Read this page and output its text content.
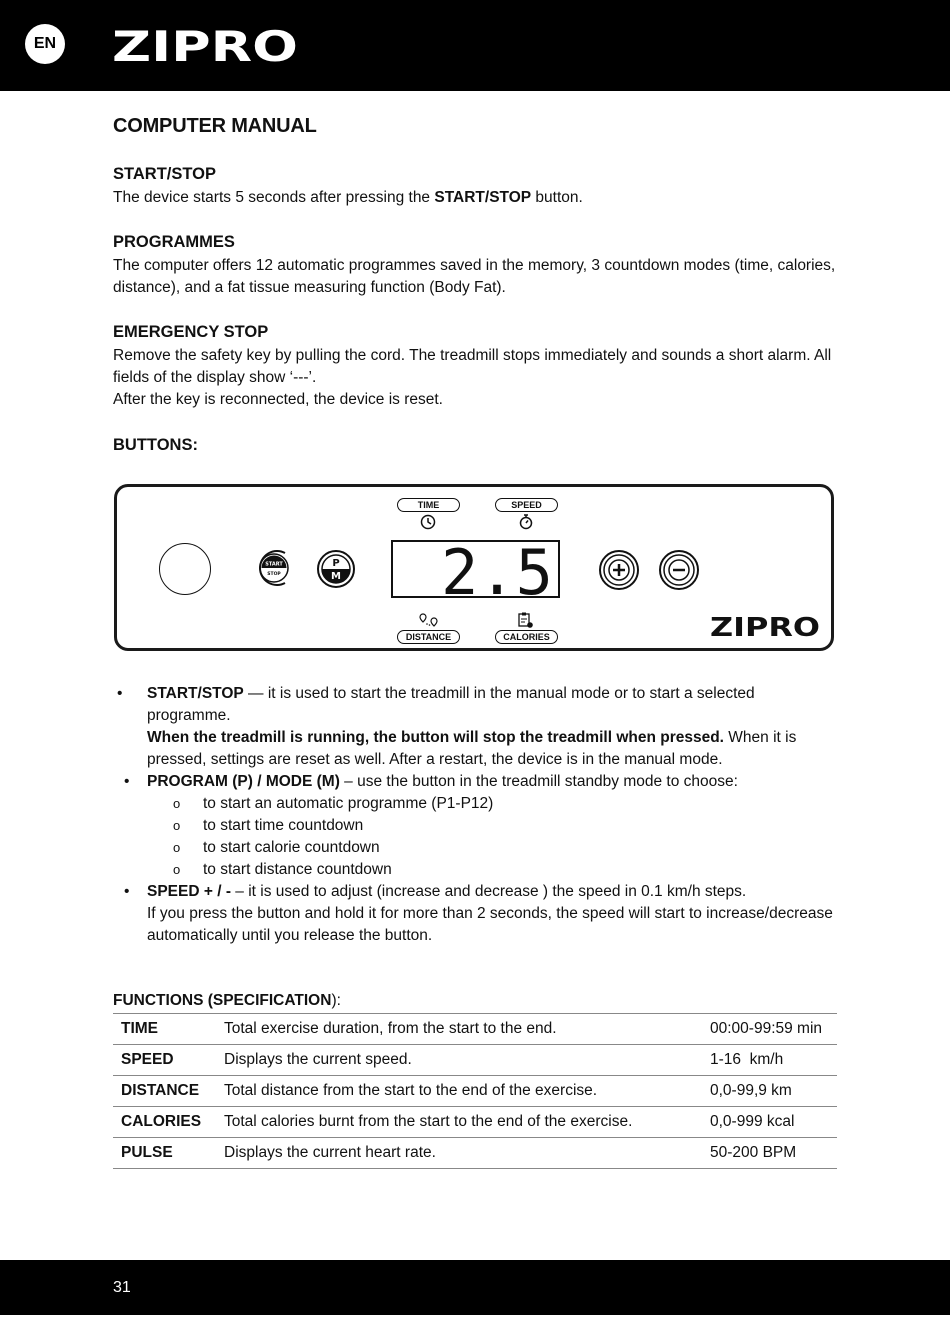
EN ZIPRO
COMPUTER MANUAL
START/STOP

The device starts 5 seconds after pressing the START/STOP button.

PROGRAMMES

The computer offers 12 automatic programmes saved in the memory, 3 countdown modes (time, calories, distance), and a fat tissue measuring function (Body Fat).

EMERGENCY STOP

Remove the safety key by pulling the cord. The treadmill stops immediately and sounds a short alarm. All fields of the display show ‘---’.

After the key is reconnected, the device is reset.

BUTTONS:
TIME	SPEED
START
STOP
P
M 2.5
DISTANCE	CALORIES	ZIPRO
• START/STOP — it is used to start the treadmill in the manual mode or to start a selected programme.
When the treadmill is running, the button will stop the treadmill when pressed. When it is pressed, settings are reset as well. After a restart, the device is in the manual mode.
• PROGRAM (P) / MODE (M) – use the button in the treadmill standby mode to choose:
o to start an automatic programme (P1-P12)
o to start time countdown
o to start calorie countdown
o to start distance countdown
• SPEED + / - – it is used to adjust (increase and decrease ) the speed in 0.1 km/h steps.
If you press the button and hold it for more than 2 seconds, the speed will start to increase/decrease automatically until you release the button.

FUNCTIONS (SPECIFICATION):

TIME	Total exercise duration, from the start to the end.	00:00-99:59 min
SPEED	Displays the current speed.	1-16  km/h
DISTANCE	Total distance from the start to the end of the exercise.	0,0-99,9 km
CALORIES	Total calories burnt from the start to the end of the exercise.	0,0-999 kcal
PULSE	Displays the current heart rate.	50-200 BPM
31
